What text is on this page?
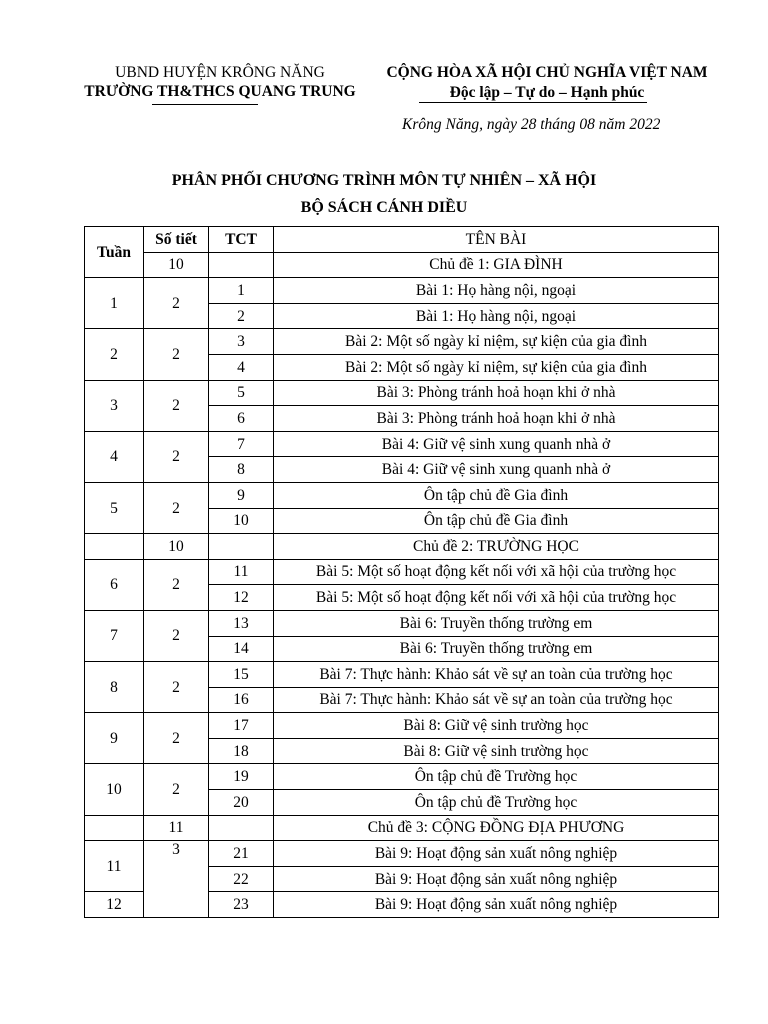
UBND HUYỆN KRÔNG NĂNG
TRƯỜNG TH&THCS QUANG TRUNG
CỘNG HÒA XÃ HỘI CHỦ NGHĨA VIỆT NAM
Độc lập – Tự do – Hạnh phúc
Krông Năng, ngày 28 tháng 08 năm 2022
PHÂN PHỐI CHƯƠNG TRÌNH MÔN TỰ NHIÊN – XÃ HỘI
BỘ SÁCH CÁNH DIỀU
Tuần	Số tiết	TCT	TÊN BÀI
	10		Chủ đề 1: GIA ĐÌNH
1	2	1	Bài 1: Họ hàng nội, ngoại
		2	Bài 1: Họ hàng nội, ngoại
2	2	3	Bài 2: Một số ngày kỉ niệm, sự kiện của gia đình
		4	Bài 2: Một số ngày kỉ niệm, sự kiện của gia đình
3	2	5	Bài 3: Phòng tránh hoả hoạn khi ở nhà
		6	Bài 3: Phòng tránh hoả hoạn khi ở nhà
4	2	7	Bài 4: Giữ vệ sinh xung quanh nhà ở
		8	Bài 4: Giữ vệ sinh xung quanh nhà ở
5	2	9	Ôn tập chủ đề Gia đình
		10	Ôn tập chủ đề Gia đình
	10		Chủ đề 2: TRƯỜNG HỌC
6	2	11	Bài 5: Một số hoạt động kết nối với xã hội của trường học
		12	Bài 5: Một số hoạt động kết nối với xã hội của trường học
7	2	13	Bài 6: Truyền thống trường em
		14	Bài 6: Truyền thống trường em
8	2	15	Bài 7: Thực hành: Khảo sát về sự an toàn của trường học
		16	Bài 7: Thực hành: Khảo sát về sự an toàn của trường học
9	2	17	Bài 8: Giữ vệ sinh trường học
		18	Bài 8: Giữ vệ sinh trường học
10	2	19	Ôn tập chủ đề Trường học
		20	Ôn tập chủ đề Trường học
	11		Chủ đề 3: CỘNG ĐỒNG ĐỊA PHƯƠNG
11	3	21	Bài 9: Hoạt động sản xuất nông nghiệp
		22	Bài 9: Hoạt động sản xuất nông nghiệp
12		23	Bài 9: Hoạt động sản xuất nông nghiệp
